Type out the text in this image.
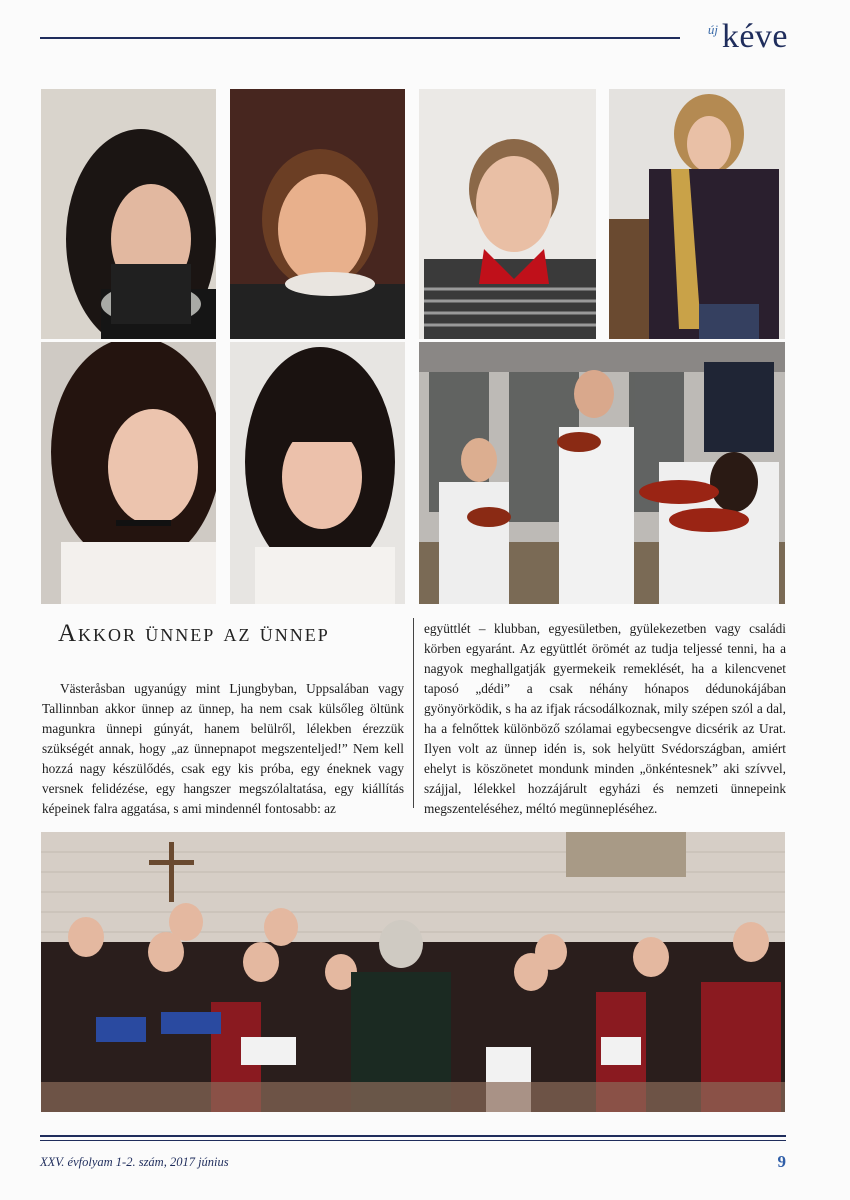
új kéve
Akkor ünnep az ünnep
Västeråsban ugyanúgy mint Ljungbyban, Uppsalában vagy Tallinnban akkor ünnep az ünnep, ha nem csak külsőleg öltünk magunkra ünnepi gúnyát, hanem belülről, lélekben érezzük szükségét annak, hogy „az ünnepnapot megszenteljed!” Nem kell hozzá nagy készülődés, csak egy kis próba, egy éneknek vagy versnek felidézése, egy hangszer megszólaltatása, egy kiállítás képeinek falra aggatása, s ami mindennél fontosabb: az
együttlét – klubban, egyesületben, gyülekezetben vagy családi körben egyaránt. Az együttlét örömét az tudja teljessé tenni, ha a nagyok meghallgatják gyermekeik remeklését, ha a kilencvenet taposó „dédi” a csak néhány hónapos dédunokájában gyönyörködik, s ha az ifjak rácsodálkoznak, mily szépen szól a dal, ha a felnőttek különböző szólamai egybecsengve dicsérik az Urat. Ilyen volt az ünnep idén is, sok helyütt Svédországban, amiért ehelyt is köszönetet mondunk minden „önkéntesnek” aki szívvel, szájjal, lélekkel hozzájárult egyházi és nemzeti ünnepeink megszenteléséhez, méltó megünnepléséhez.
XXV. évfolyam 1-2. szám, 2017 június	9
